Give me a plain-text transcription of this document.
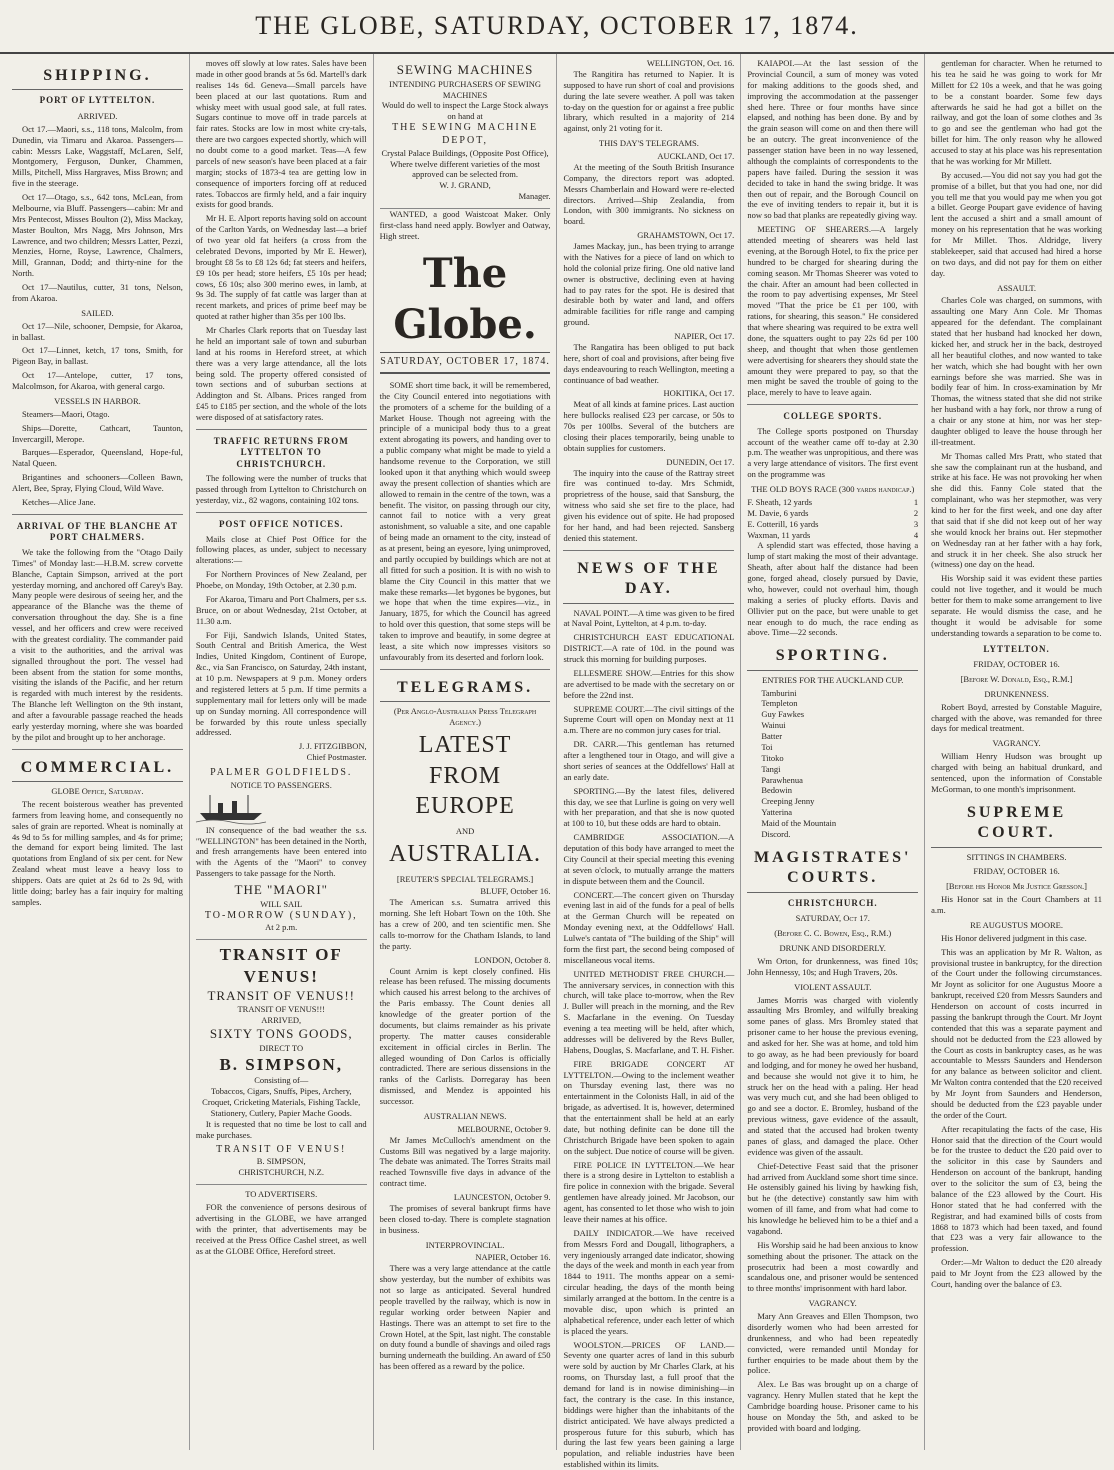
THE GLOBE, SATURDAY, OCTOBER 17, 1874.
SHIPPING.
PORT OF LYTTELTON.
ARRIVED.

Oct 17.—Maori, s.s., 118 tons, Malcolm, from Dunedin, via Timaru and Akaroa. Passengers—cabin: Messrs Lake, Waggstaff, McLaren, Self, Montgomery, Ferguson, Dunker, Chammen, Mills, Pitchell, Miss Hargraves, Miss Brown; and five in the steerage.

Oct 17—Otago, s.s., 642 tons, McLean, from Melbourne, via Bluff. Passengers—cabin: Mr and Mrs Pentecost, Misses Boulton (2), Miss Mackay, Master Boulton, Mrs Nagg, Mrs Johnson, Mrs Lawrence, and two children; Messrs Latter, Pezzi, Menzies, Horne, Royse, Lawrence, Chalmers, Mill, Grannan, Dodd; and thirty-nine for the North.

Oct 17—Nautilus, cutter, 31 tons, Nelson, from Akaroa.

SAILED.

Oct 17—Nile, schooner, Dempsie, for Akaroa, in ballast.

Oct 17—Linnet, ketch, 17 tons, Smith, for Pigeon Bay, in ballast.

Oct 17—Antelope, cutter, 17 tons, Malcolmson, for Akaroa, with general cargo.

VESSELS IN HARBOR.

Steamers—Maori, Otago.

Ships—Dorette, Cathcart, Taunton, Invercargill, Merope.

Barques—Esperador, Queensland, Hope-ful, Natal Queen.

Brigantines and schooners—Colleen Bawn, Alert, Bee, Spray, Flying Cloud, Wild Wave.

Ketches—Alice Jane.

ARRIVAL OF THE BLANCHE AT PORT CHALMERS.

We take the following from the "Otago Daily Times" of Monday last:—H.B.M. screw corvette Blanche, Captain Simpson, arrived at the port yesterday morning, and anchored off Carey's Bay. Many people were desirous of seeing her, and the appearance of the Blanche was the theme of conversation throughout the day. She is a fine vessel, and her officers and crew were received with the greatest cordiality. The commander paid a visit to the authorities, and the arrival was signalled throughout the port. The vessel had been absent from the station for some months, visiting the islands of the Pacific, and her return is regarded with much interest by the residents. The Blanche left Wellington on the 9th instant, and after a favourable passage reached the heads early yesterday morning, where she was boarded by the pilot and brought up to her anchorage.

COMMERCIAL.
GLOBE Office, Saturday.

The recent boisterous weather has prevented farmers from leaving home, and consequently no sales of grain are reported. Wheat is nominally at 4s 9d to 5s for milling samples, and 4s for prime; the demand for export being limited. The last quotations from England of six per cent. for New Zealand wheat must leave a heavy loss to shippers. Oats are quiet at 2s 6d to 2s 9d, with little doing; barley has a fair inquiry for malting samples.

moves off slowly at low rates. Sales have been made in other good brands at 5s 6d. Martell's dark realises 14s 6d. Geneva—Small parcels have been placed at our last quotations. Rum and whisky meet with usual good sale, at full rates. Sugars continue to move off in trade parcels at fair rates. Stocks are low in most white cry-tals, there are two cargoes expected shortly, which will no doubt come to a good market. Teas—A few parcels of new season's have been placed at a fair margin; stocks of 1873-4 tea are getting low in consequence of importers forcing off at reduced rates. Tobaccos are firmly held, and a fair inquiry exists for good brands.

Mr H. E. Alport reports having sold on account of the Carlton Yards, on Wednesday last—a brief of two year old fat heifers (a cross from the celebrated Devons, imported by Mr E. Hewer), brought £8 5s to £8 12s 6d; fat steers and heifers, £9 10s per head; store heifers, £5 10s per head; cows, £6 10s; also 300 merino ewes, in lamb, at 9s 3d. The supply of fat cattle was larger than at recent markets, and prices of prime beef may be quoted at rather higher than 35s per 100 lbs.

Mr Charles Clark reports that on Tuesday last he held an important sale of town and suburban land at his rooms in Hereford street, at which there was a very large attendance, all the lots being sold. The property offered consisted of town sections and of suburban sections at Addington and St. Albans. Prices ranged from £45 to £185 per section, and the whole of the lots were disposed of at satisfactory rates.

TRAFFIC RETURNS FROM LYTTELTON TO CHRISTCHURCH.

The following were the number of trucks that passed through from Lyttelton to Christchurch on yesterday, viz., 82 wagons, containing 102 tons.

POST OFFICE NOTICES.

Mails close at Chief Post Office for the following places, as under, subject to necessary alterations:—

For Northern Provinces of New Zealand, per Phoebe, on Monday, 19th October, at 2.30 p.m.

For Akaroa, Timaru and Port Chalmers, per s.s. Bruce, on or about Wednesday, 21st October, at 11.30 a.m.

For Fiji, Sandwich Islands, United States, South Central and British America, the West Indies, United Kingdom, Continent of Europe, &c., via San Francisco, on Saturday, 24th instant, at 10 p.m. Newspapers at 9 p.m. Money orders and registered letters at 5 p.m. If time permits a supplementary mail for letters only will be made up on Sunday morning. All correspondence will be forwarded by this route unless specially addressed.

J. J. FITZGIBBON,
Chief Postmaster.
PALMER GOLDFIELDS.
NOTICE TO PASSENGERS.

IN consequence of the bad weather the s.s. "WELLINGTON" has been detained in the North, and fresh arrangements have been entered into with the Agents of the "Maori" to convey Passengers to take passage for the North.

THE "MAORI"
WILL SAIL
TO-MORROW (SUNDAY),
At 2 p.m.
TRANSIT OF VENUS!
TRANSIT OF VENUS!!
TRANSIT OF VENUS!!!
ARRIVED,
SIXTY TONS GOODS,
DIRECT TO
B. SIMPSON,
Consisting of—
Tobaccos, Cigars, Snuffs, Pipes, Archery, Croquet, Cricketing Materials, Fishing Tackle, Stationery, Cutlery, Papier Mache Goods.

It is requested that no time be lost to call and make purchases.

TRANSIT OF VENUS!
B. SIMPSON,
CHRISTCHURCH, N.Z.
TO ADVERTISERS.

FOR the convenience of persons desirous of advertising in the GLOBE, we have arranged with the printer, that advertisements may be received at the Press Office Cashel street, as well as at the GLOBE Office, Hereford street.

SEWING MACHINES
INTENDING PURCHASERS OF SEWING MACHINES
Would do well to inspect the Large Stock always on hand at
THE SEWING MACHINE DEPOT,
Crystal Palace Buildings, (Opposite Post Office),
Where twelve different varieties of the most approved can be selected from.
W. J. GRAND,
Manager.

WANTED, a good Waistcoat Maker. Only first-class hand need apply. Bowlyer and Oatway, High street.

The Globe.
SATURDAY, OCTOBER 17, 1874.

SOME short time back, it will be remembered, the City Council entered into negotiations with the promoters of a scheme for the building of a Market House. Though not agreeing with the principle of a municipal body thus to a great extent abrogating its powers, and handing over to a public company what might be made to yield a handsome revenue to the Corporation, we still looked upon it that anything which would sweep away the present collection of shanties which are allowed to remain in the centre of the town, was a benefit. The visitor, on passing through our city, cannot fail to notice with a very great astonishment, so valuable a site, and one capable of being made an ornament to the city, instead of as at present, being an eyesore, lying unimproved, and partly occupied by buildings which are not at all fitted for such a position. It is with no wish to blame the City Council in this matter that we make these remarks—let bygones be bygones, but we hope that when the time expires—viz., in January, 1875, for which the Council has agreed to hold over this question, that some steps will be taken to improve and beautify, in some degree at least, a site which now impresses visitors so unfavourably from its deserted and forlorn look.

TELEGRAMS.
(Per Anglo-Australian Press Telegraph Agency.)
LATEST FROM EUROPE
AND
AUSTRALIA.
[REUTER'S SPECIAL TELEGRAMS.]
BLUFF, October 16.

The American s.s. Sumatra arrived this morning. She left Hobart Town on the 10th. She has a crew of 200, and ten scientific men. She calls to-morrow for the Chatham Islands, to land the party.

LONDON, October 8.

Count Arnim is kept closely confined. His release has been refused. The missing documents which caused his arrest belong to the archives of the Paris embassy. The Count denies all knowledge of the greater portion of the documents, but claims remainder as his private property. The matter causes considerable excitement in official circles in Berlin. The alleged wounding of Don Carlos is officially contradicted. There are serious dissensions in the ranks of the Carlists. Dorregaray has been dismissed, and Mendez is appointed his successor.

AUSTRALIAN NEWS.
MELBOURNE, October 9.

Mr James McCulloch's amendment on the Customs Bill was negatived by a large majority. The debate was animated. The Torres Straits mail reached Townsville five days in advance of the contract time.

LAUNCESTON, October 9.

The promises of several bankrupt firms have been closed to-day. There is complete stagnation in business.

INTERPROVINCIAL.
NAPIER, October 16.

There was a very large attendance at the cattle show yesterday, but the number of exhibits was not so large as anticipated. Several hundred people travelled by the railway, which is now in regular working order between Napier and Hastings. There was an attempt to set fire to the Crown Hotel, at the Spit, last night. The constable on duty found a bundle of shavings and oiled rags burning underneath the building. An award of £50 has been offered as a reward by the police.

WELLINGTON, Oct. 16.

The Rangitira has returned to Napier. It is supposed to have run short of coal and provisions during the late severe weather. A poll was taken to-day on the question for or against a free public library, which resulted in a majority of 214 against, only 21 voting for it.

THIS DAY'S TELEGRAMS.
AUCKLAND, Oct 17.

At the meeting of the South British Insurance Company, the directors report was adopted. Messrs Chamberlain and Howard were re-elected directors. Arrived—Ship Zealandia, from London, with 300 immigrants. No sickness on board.

GRAHAMSTOWN, Oct 17.

James Mackay, jun., has been trying to arrange with the Natives for a piece of land on which to hold the colonial prize firing. One old native land owner is obstructive, declining even at having had to pay rates for the spot. He is desired that desirable both by water and land, and offers admirable facilities for rifle range and camping ground.

NAPIER, Oct 17.

The Rangatira has been obliged to put back here, short of coal and provisions, after being five days endeavouring to reach Wellington, meeting a continuance of bad weather.

HOKITIKA, Oct 17.

Meat of all kinds at famine prices. Last auction here bullocks realised £23 per carcase, or 50s to 70s per 100lbs. Several of the butchers are closing their places temporarily, being unable to obtain supplies for customers.

DUNEDIN, Oct 17.

The inquiry into the cause of the Rattray street fire was continued to-day. Mrs Schmidt, proprietress of the house, said that Sansburg, the witness who said she set fire to the place, had given his evidence out of spite. He had proposed for her hand, and had been rejected. Sansberg denied this statement.

NEWS OF THE DAY.

NAVAL POINT.—A time was given to be fired at Naval Point, Lyttelton, at 4 p.m. to-day.

CHRISTCHURCH EAST EDUCATIONAL DISTRICT.—A rate of 10d. in the pound was struck this morning for building purposes.

ELLESMERE SHOW.—Entries for this show are advertised to be made with the secretary on or before the 22nd inst.

SUPREME COURT.—The civil sittings of the Supreme Court will open on Monday next at 11 a.m. There are no common jury cases for trial.

DR. CARR.—This gentleman has returned after a lengthened tour in Otago, and will give a short series of seances at the Oddfellows' Hall at an early date.

SPORTING.—By the latest files, delivered this day, we see that Lurline is going on very well with her preparation, and that she is now quoted at 100 to 10, but these odds are hard to obtain.

CAMBRIDGE ASSOCIATION.—A deputation of this body have arranged to meet the City Council at their special meeting this evening at seven o'clock, to mutually arrange the matters in dispute between them and the Council.

CONCERT.—The concert given on Thursday evening last in aid of the funds for a peal of bells at the German Church will be repeated on Monday evening next, at the Oddfellows' Hall. Lulwe's cantata of "The building of the Ship" will form the first part, the second being composed of miscellaneous vocal items.

UNITED METHODIST FREE CHURCH.—The anniversary services, in connection with this church, will take place to-morrow, when the Rev J. Buller will preach in the morning, and the Rev S. Macfarlane in the evening. On Tuesday evening a tea meeting will be held, after which, addresses will be delivered by the Revs Buller, Habens, Douglas, S. Macfarlane, and T. H. Fisher.

FIRE BRIGADE CONCERT AT LYTTELTON.—Owing to the inclement weather on Thursday evening last, there was no entertainment in the Colonists Hall, in aid of the brigade, as advertised. It is, however, determined that the entertainment shall be held at an early date, but nothing definite can be done till the Christchurch Brigade have been spoken to again on the subject. Due notice of course will be given.

FIRE POLICE IN LYTTELTON.—We hear there is a strong desire in Lyttelton to establish a fire police in connexion with the brigade. Several gentlemen have already joined. Mr Jacobson, our agent, has consented to let those who wish to join leave their names at his office.

DAILY INDICATOR.—We have received from Messrs Ford and Dougall, lithographers, a very ingeniously arranged date indicator, showing the days of the week and month in each year from 1844 to 1911. The months appear on a semi-circular heading, the days of the month being similarly arranged at the bottom. In the centre is a movable disc, upon which is printed an alphabetical reference, under each letter of which is placed the years.

WOOLSTON.—PRICES OF LAND.—Seventy one quarter acres of land in this suburb were sold by auction by Mr Charles Clark, at his rooms, on Thursday last, a full proof that the demand for land is in nowise diminishing—in fact, the contrary is the case. In this instance, biddings were higher than the inhabitants of the district anticipated. We have always predicted a prosperous future for this suburb, which has during the last few years been gaining a large population, and reliable industries have been established within its limits.

KAIAPOI.—At the last session of the Provincial Council, a sum of money was voted for making additions to the goods shed, and improving the accommodation at the passenger shed here. Three or four months have since elapsed, and nothing has been done. By and by the grain season will come on and then there will be an outcry. The great inconvenience of the passenger station have been in no way lessened, although the complaints of correspondents to the papers have failed. During the session it was decided to take in hand the swing bridge. It was then out of repair, and the Borough Council on the eve of inviting tenders to repair it, but it is now so bad that planks are repeatedly giving way.

MEETING OF SHEARERS.—A largely attended meeting of shearers was held last evening, at the Borough Hotel, to fix the price per hundred to be charged for shearing during the coming season. Mr Thomas Sheerer was voted to the chair. After an amount had been collected in the room to pay advertising expenses, Mr Steel moved "That the price be £1 per 100, with rations, for shearing, this season." He considered that where shearing was required to be extra well done, the squatters ought to pay 22s 6d per 100 sheep, and thought that when those gentlemen were advertising for shearers they should state the amount they were prepared to pay, so that the men might be saved the trouble of going to the place, merely to have to leave again.

COLLEGE SPORTS.

The College sports postponed on Thursday account of the weather came off to-day at 2.30 p.m. The weather was unpropitious, and there was a very large attendance of visitors. The first event on the programme was

THE OLD BOYS RACE (300 yards handicap.)
F. Sheath, 12 yards	1
M. Davie, 6 yards	2
E. Cotterill, 16 yards	3
Waxman, 11 yards	4

A splendid start was effected, those having a lump of start making the most of their advantage. Sheath, after about half the distance had been gone, forged ahead, closely pursued by Davie, who, however, could not overhaul him, though making a series of plucky efforts. Davis and Ollivier put on the pace, but were unable to get near enough to do much, the race ending as above. Time—22 seconds.

SPORTING.
ENTRIES FOR THE AUCKLAND CUP.
Tamburini
Templeton
Guy Fawkes
Wainui
Batter
Toi
Titoko
Tangi
Parawhenua
Bedowin
Creeping Jenny
Yatterina
Maid of the Mountain
Discord.
MAGISTRATES' COURTS.
CHRISTCHURCH.
SATURDAY, Oct 17.
(Before C. C. Bowen, Esq., R.M.)
DRUNK AND DISORDERLY.

Wm Orton, for drunkenness, was fined 10s; John Hennessy, 10s; and Hugh Travers, 20s.

VIOLENT ASSAULT.

James Morris was charged with violently assaulting Mrs Bromley, and wilfully breaking some panes of glass. Mrs Bromley stated that prisoner came to her house the previous evening, and asked for her. She was at home, and told him to go away, as he had been previously for board and lodging, and for money he owed her husband, and because she would not give it to him, he struck her on the head with a paling. Her head was very much cut, and she had been obliged to go and see a doctor. E. Bromley, husband of the previous witness, gave evidence of the assault, and stated that the accused had broken twenty panes of glass, and damaged the place. Other evidence was given of the assault.

Chief-Detective Feast said that the prisoner had arrived from Auckland some short time since. He ostensibly gained his living by hawking fish, but he (the detective) constantly saw him with women of ill fame, and from what had come to his knowledge he believed him to be a thief and a vagabond.

His Worship said he had been anxious to know something about the prisoner. The attack on the prosecutrix had been a most cowardly and scandalous one, and prisoner would be sentenced to three months' imprisonment with hard labor.

VAGRANCY.

Mary Ann Greaves and Ellen Thompson, two disorderly women who had been arrested for drunkenness, and who had been repeatedly convicted, were remanded until Monday for further enquiries to be made about them by the police.

Alex. Le Bas was brought up on a charge of vagrancy. Henry Mullen stated that he kept the Cambridge boarding house. Prisoner came to his house on Monday the 5th, and asked to be provided with board and lodging.

gentleman for character. When he returned to his tea he said he was going to work for Mr Millett for £2 10s a week, and that he was going to be a constant boarder. Some few days afterwards he said he had got a billet on the railway, and got the loan of some clothes and 3s to go and see the gentleman who had got the billet for him. The only reason why he allowed accused to stay at his place was his representation that he was working for Mr Millett.

By accused.—You did not say you had got the promise of a billet, but that you had one, nor did you tell me that you would pay me when you got a billet. George Poupart gave evidence of having lent the accused a shirt and a small amount of money on his representation that he was working for Mr Millet. Thos. Aldridge, livery stablekeeper, said that accused had hired a horse on two days, and did not pay for them on either day.

ASSAULT.

Charles Cole was charged, on summons, with assaulting one Mary Ann Cole. Mr Thomas appeared for the defendant. The complainant stated that her husband had knocked her down, kicked her, and struck her in the back, destroyed all her beautiful clothes, and now wanted to take her watch, which she had bought with her own earnings before she was married. She was in bodily fear of him. In cross-examination by Mr Thomas, the witness stated that she did not strike her husband with a hay fork, nor throw a rung of a chair or any stone at him, nor was her step-daughter obliged to leave the house through her ill-treatment.

Mr Thomas called Mrs Pratt, who stated that she saw the complainant run at the husband, and strike at his face. He was not provoking her when she did this. Fanny Cole stated that the complainant, who was her stepmother, was very kind to her for the first week, and one day after that said that if she did not keep out of her way she would knock her brains out. Her stepmother on Wednesday ran at her father with a hay fork, and struck it in her cheek. She also struck her (witness) one day on the head.

His Worship said it was evident these parties could not live together, and it would be much better for them to make some arrangement to live separate. He would dismiss the case, and he thought it would be advisable for some understanding towards a separation to be come to.

LYTTELTON.
FRIDAY, OCTOBER 16.
[Before W. Donald, Esq., R.M.]
DRUNKENNESS.

Robert Boyd, arrested by Constable Maguire, charged with the above, was remanded for three days for medical treatment.

VAGRANCY.

William Henry Hudson was brought up charged with being an habitual drunkard, and sentenced, upon the information of Constable McGorman, to one month's imprisonment.

SUPREME COURT.
SITTINGS IN CHAMBERS.
FRIDAY, OCTOBER 16.
[Before his Honor Mr Justice Gresson.]

His Honor sat in the Court Chambers at 11 a.m.

RE AUGUSTUS MOORE.

His Honor delivered judgment in this case.

This was an application by Mr R. Walton, as provisional trustee in bankruptcy, for the direction of the Court under the following circumstances. Mr Joynt as solicitor for one Augustus Moore a bankrupt, received £20 from Messrs Saunders and Henderson on account of costs incurred in passing the bankrupt through the Court. Mr Joynt contended that this was a separate payment and should not be deducted from the £23 allowed by the Court as costs in bankruptcy cases, as he was accountable to Messrs Saunders and Henderson for any balance as between solicitor and client. Mr Walton contra contended that the £20 received by Mr Joynt from Saunders and Henderson, should be deducted from the £23 payable under the order of the Court.

After recapitulating the facts of the case, His Honor said that the direction of the Court would be for the trustee to deduct the £20 paid over to the solicitor in this case by Saunders and Henderson on account of the bankrupt, handing over to the solicitor the sum of £3, being the balance of the £23 allowed by the Court. His Honor stated that he had conferred with the Registrar, and had examined bills of costs from 1868 to 1873 which had been taxed, and found that £23 was a very fair allowance to the profession.

Order:—Mr Walton to deduct the £20 already paid to Mr Joynt from the £23 allowed by the Court, handing over the balance of £3.
